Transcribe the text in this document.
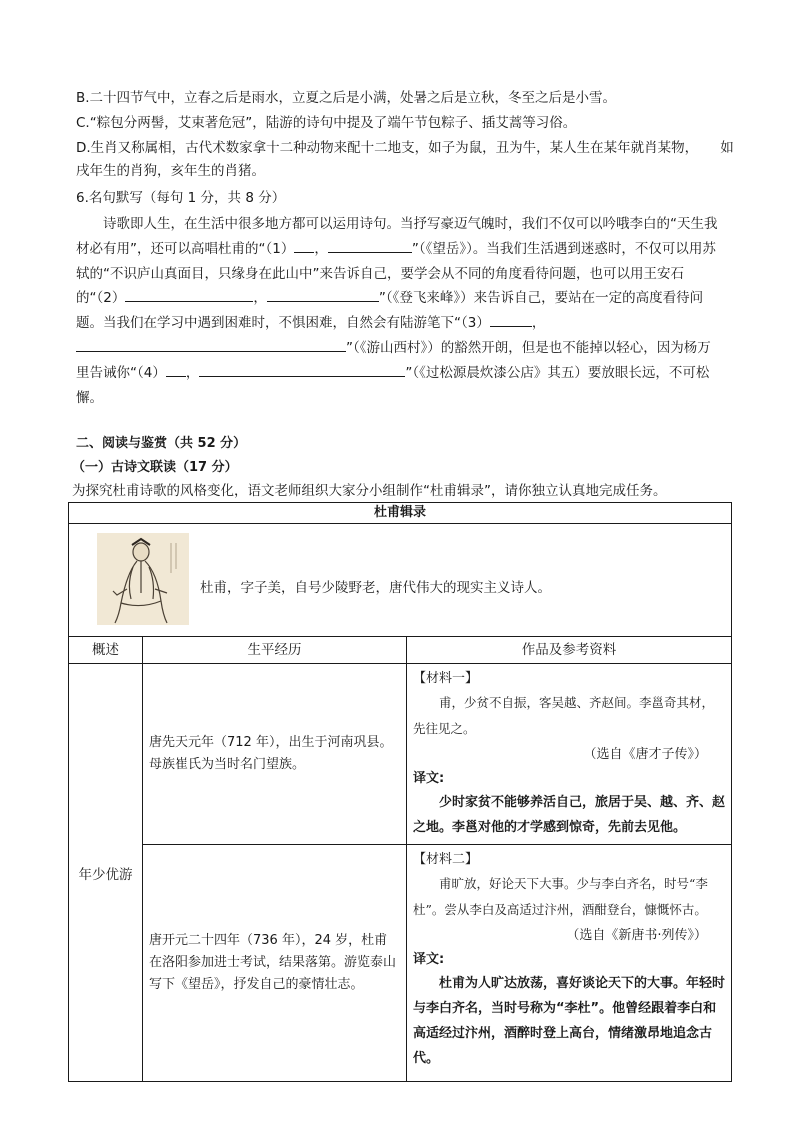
B.二十四节气中，立春之后是雨水，立夏之后是小满，处暑之后是立秋，冬至之后是小雪。
C.“粽包分两髻，艾束著危冠”，陆游的诗句中提及了端午节包粽子、插艾蒿等习俗。
D.生肖又称属相，古代术数家拿十二种动物来配十二地支，如子为鼠，丑为牛，某人生在某年就肖某物， 如
戌年生的肖狗，亥年生的肖猪。
6.名句默写（每句 1 分，共 8 分）
诗歌即人生，在生活中很多地方都可以运用诗句。当抒写豪迈气魄时，我们不仅可以吟哦李白的“天生我材必有用”，还可以高唱杜甫的“（1） ，	”（《望岳》）。当我们生活遇到迷惑时，不仅可以用苏轼的“不识庐山真面目，只缘身在此山中”来告诉自己，要学会从不同的角度看待问题，也可以用王安石的“（2）	，	”（《登飞来峰》）来告诉自己，要站在一定的高度看待问题。当我们在学习中遇到困难时，不惧困难，自然会有陆游笔下“（3）	，”（《游山西村》）的豁然开朗，但是也不能掉以轻心，因为杨万里告诫你“（4） ，	”（《过松源晨炊漆公店》其五）要放眼长远，不可松懈。
二、阅读与鉴赏（共 52 分）
（一）古诗文联读（17 分）
为探究杜甫诗歌的风格变化，语文老师组织大家分小组制作“杜甫辑录”，请你独立认真地完成任务。
杜甫辑录		

杜甫，字子美，自号少陵野老，唐代伟大的现实主义诗人。		

概述	生平经历	作品及参考资料
年少优游	唐先天元年（712 年），出生于河南巩县。母族崔氏为当时名门望族。	【材料一】
甫，少贫不自振，客吴越、齐赵间。李邕奇其材，先往见之。
（选自《唐才子传》）
译文:
少时家贫不能够养活自己，旅居于吴、越、齐、赵之地。李邕对他的才学感到惊奇，先前去见他。

	唐开元二十四年（736 年），24 岁，杜甫在洛阳参加进士考试，结果落第。游览泰山写下《望岳》，抒发自己的豪情壮志。	【材料二】
甫旷放，好论天下大事。少与李白齐名，时号“李杜”。尝从李白及高适过汴州，酒酣登台，慷慨怀古。
（选自《新唐书·列传》）
译文:
杜甫为人旷达放荡，喜好谈论天下的大事。年轻时与李白齐名，当时号称为“李杜”。他曾经跟着李白和高适经过汴州，酒醉时登上高台，情绪激昂地追念古代。
